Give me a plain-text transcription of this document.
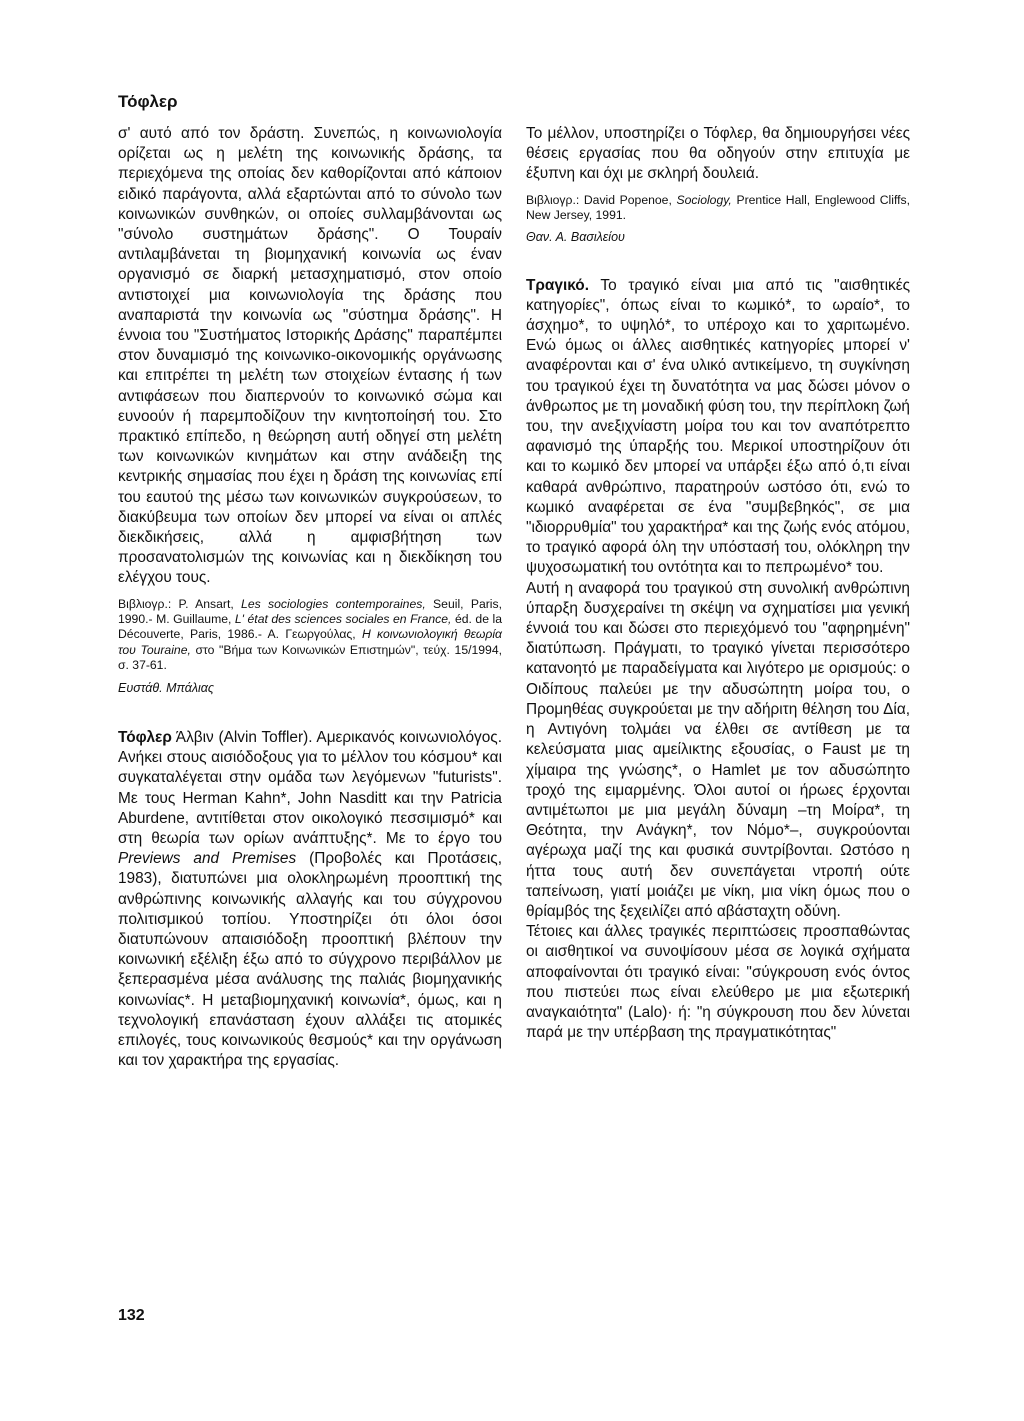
Τόφλερ

σ' αυτό από τον δράστη. Συνεπώς, η κοινωνιολογία ορίζεται ως η μελέτη της κοινωνικής δράσης, τα περιεχόμενα της οποίας δεν καθορίζονται από κάποιον ειδικό παράγοντα, αλλά εξαρτώνται από το σύνολο των κοινωνικών συνθηκών, οι οποίες συλλαμβάνονται ως "σύνολο συστημάτων δράσης". Ο Τουραίν αντιλαμβάνεται τη βιομηχανική κοινωνία ως έναν οργανισμό σε διαρκή μετασχηματισμό, στον οποίο αντιστοιχεί μια κοινωνιολογία της δράσης που αναπαριστά την κοινωνία ως "σύστημα δράσης". Η έννοια του "Συστήματος Ιστορικής Δράσης" παραπέμπει στον δυναμισμό της κοινωνικο-οικονομικής οργάνωσης και επιτρέπει τη μελέτη των στοιχείων έντασης ή των αντιφάσεων που διαπερνούν το κοινωνικό σώμα και ευνοούν ή παρεμποδίζουν την κινητοποίησή του. Στο πρακτικό επίπεδο, η θεώρηση αυτή οδηγεί στη μελέτη των κοινωνικών κινημάτων και στην ανάδειξη της κεντρικής σημασίας που έχει η δράση της κοινωνίας επί του εαυτού της μέσω των κοινωνικών συγκρούσεων, το διακύβευμα των οποίων δεν μπορεί να είναι οι απλές διεκδικήσεις, αλλά η αμφισβήτηση των προσανατολισμών της κοινωνίας και η διεκδίκηση του ελέγχου τους.

Βιβλιογρ.: P. Ansart, Les sociologies contemporaines, Seuil, Paris, 1990.- M. Guillaume, L' état des sciences sociales en France, éd. de la Découverte, Paris, 1986.- A. Γεωργούλας, Η κοινωνιολογική θεωρία του Touraine, στο "Βήμα των Κοινωνικών Επιστημών", τεύχ. 15/1994, σ. 37-61.

Ευστάθ. Μπάλιας

Τόφλερ Άλβιν (Alvin Toffler). Αμερικανός κοινωνιολόγος. Ανήκει στους αισιόδοξους για το μέλλον του κόσμου* και συγκαταλέγεται στην ομάδα των λεγόμενων "futurists". Με τους Herman Kahn*, John Nasditt και την Patricia Aburdene, αντιτίθεται στον οικολογικό πεσσιμισμό* και στη θεωρία των ορίων ανάπτυξης*. Με το έργο του Previews and Premises (Προβολές και Προτάσεις, 1983), διατυπώνει μια ολοκληρωμένη προοπτική της ανθρώπινης κοινωνικής αλλαγής και του σύγχρονου πολιτισμικού τοπίου. Υποστηρίζει ότι όλοι όσοι διατυπώνουν απαισιόδοξη προοπτική βλέπουν την κοινωνική εξέλιξη έξω από το σύγχρονο περιβάλλον με ξεπερασμένα μέσα ανάλυσης της παλιάς βιομηχανικής κοινωνίας*. Η μεταβιομηχανική κοινωνία*, όμως, και η τεχνολογική επανάσταση έχουν αλλάξει τις ατομικές επιλογές, τους κοινωνικούς θεσμούς* και την οργάνωση και τον χαρακτήρα της εργασίας.

Το μέλλον, υποστηρίζει ο Τόφλερ, θα δημιουργήσει νέες θέσεις εργασίας που θα οδηγούν στην επιτυχία με έξυπνη και όχι με σκληρή δουλειά.

Βιβλιογρ.: David Popenoe, Sociology, Prentice Hall, Englewood Cliffs, New Jersey, 1991.

Θαν. Α. Βασιλείου

Τραγικό. Το τραγικό είναι μια από τις "αισθητικές κατηγορίες", όπως είναι το κωμικό*, το ωραίο*, το άσχημο*, το υψηλό*, το υπέροχο και το χαριτωμένο. Ενώ όμως οι άλλες αισθητικές κατηγορίες μπορεί ν' αναφέρονται και σ' ένα υλικό αντικείμενο, τη συγκίνηση του τραγικού έχει τη δυνατότητα να μας δώσει μόνον ο άνθρωπος με τη μοναδική φύση του, την περίπλοκη ζωή του, την ανεξιχνίαστη μοίρα του και τον αναπότρεπτο αφανισμό της ύπαρξής του. Μερικοί υποστηρίζουν ότι και το κωμικό δεν μπορεί να υπάρξει έξω από ό,τι είναι καθαρά ανθρώπινο, παρατηρούν ωστόσο ότι, ενώ το κωμικό αναφέρεται σε ένα "συμβεβηκός", σε μια "ιδιορρυθμία" του χαρακτήρα* και της ζωής ενός ατόμου, το τραγικό αφορά όλη την υπόστασή του, ολόκληρη την ψυχοσωματική του οντότητα και το πεπρωμένο* του.

Αυτή η αναφορά του τραγικού στη συνολική ανθρώπινη ύπαρξη δυσχεραίνει τη σκέψη να σχηματίσει μια γενική έννοιά του και δώσει στο περιεχόμενό του "αφηρημένη" διατύπωση. Πράγματι, το τραγικό γίνεται περισσότερο κατανοητό με παραδείγματα και λιγότερο με ορισμούς: ο Οιδίπους παλεύει με την αδυσώπητη μοίρα του, ο Προμηθέας συγκρούεται με την αδήριτη θέληση του Δία, η Αντιγόνη τολμάει να έλθει σε αντίθεση με τα κελεύσματα μιας αμείλικτης εξουσίας, ο Faust με τη χίμαιρα της γνώσης*, ο Hamlet με τον αδυσώπητο τροχό της ειμαρμένης. Όλοι αυτοί οι ήρωες έρχονται αντιμέτωποι με μια μεγάλη δύναμη –τη Μοίρα*, τη Θεότητα, την Ανάγκη*, τον Νόμο*–, συγκρούονται αγέρωχα μαζί της και φυσικά συντρίβονται. Ωστόσο η ήττα τους αυτή δεν συνεπάγεται ντροπή ούτε ταπείνωση, γιατί μοιάζει με νίκη, μια νίκη όμως που ο θρίαμβός της ξεχειλίζει από αβάσταχτη οδύνη.

Τέτοιες και άλλες τραγικές περιπτώσεις προσπαθώντας οι αισθητικοί να συνοψίσουν μέσα σε λογικά σχήματα αποφαίνονται ότι τραγικό είναι: "σύγκρουση ενός όντος που πιστεύει πως είναι ελεύθερο με μια εξωτερική αναγκαιότητα" (Lalo)· ή: "η σύγκρουση που δεν λύνεται παρά με την υπέρβαση της πραγματικότητας"

132
